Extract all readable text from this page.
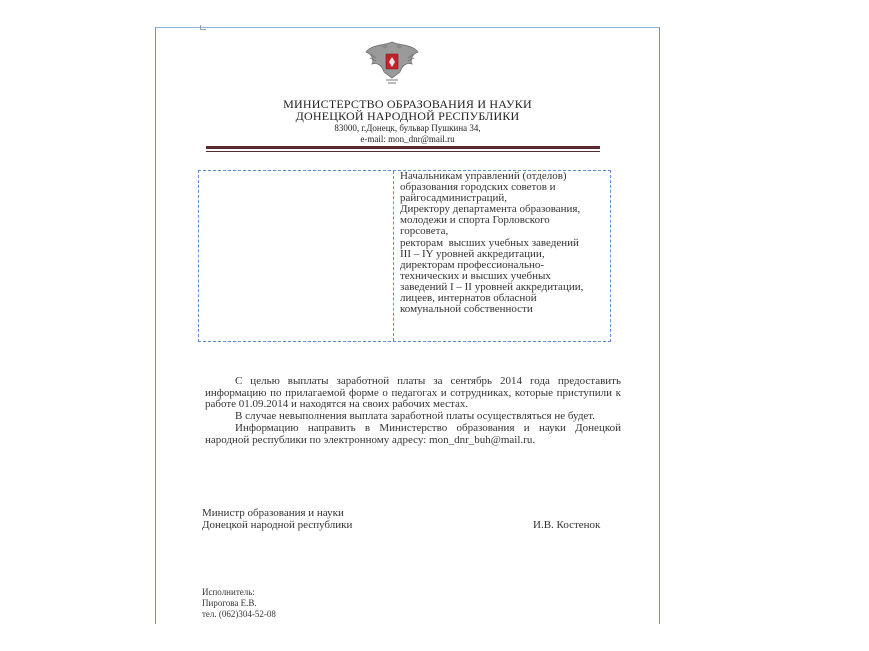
МИНИСТЕРСТВО ОБРАЗОВАНИЯ И НАУКИ
ДОНЕЦКОЙ НАРОДНОЙ РЕСПУБЛИКИ
83000, г.Донецк, бульвар Пушкина 34,
e-mail: mon_dnr@mail.ru
Начальникам управлений (отделов)
образования городских советов и
райгосадминистраций,
Директору департамента образования,
молодежи и спорта Горловского
горсовета,
ректорам  высших учебных заведений
III – IY уровней аккредитации,
директорам профессионально-
технических и высших учебных
заведений I – II уровней аккредитации,
лицеев, интернатов обласной
комунальной собственности

С целью выплаты заработной платы за сентябрь 2014 года предоставить информацию по прилагаемой форме о педагогах и сотрудниках, которые приступили к работе 01.09.2014 и находятся на своих рабочих местах.

В случае невыполнения выплата заработной платы осуществляться не будет.

Информацию направить в Министерство образования и науки Донецкой народной республики по электронному адресу: mon_dnr_buh@mail.ru.

Министр образования и науки
Донецкой народной республики	И.В. Костенок
Исполнитель:
Пирогова Е.В.
тел. (062)304-52-08
